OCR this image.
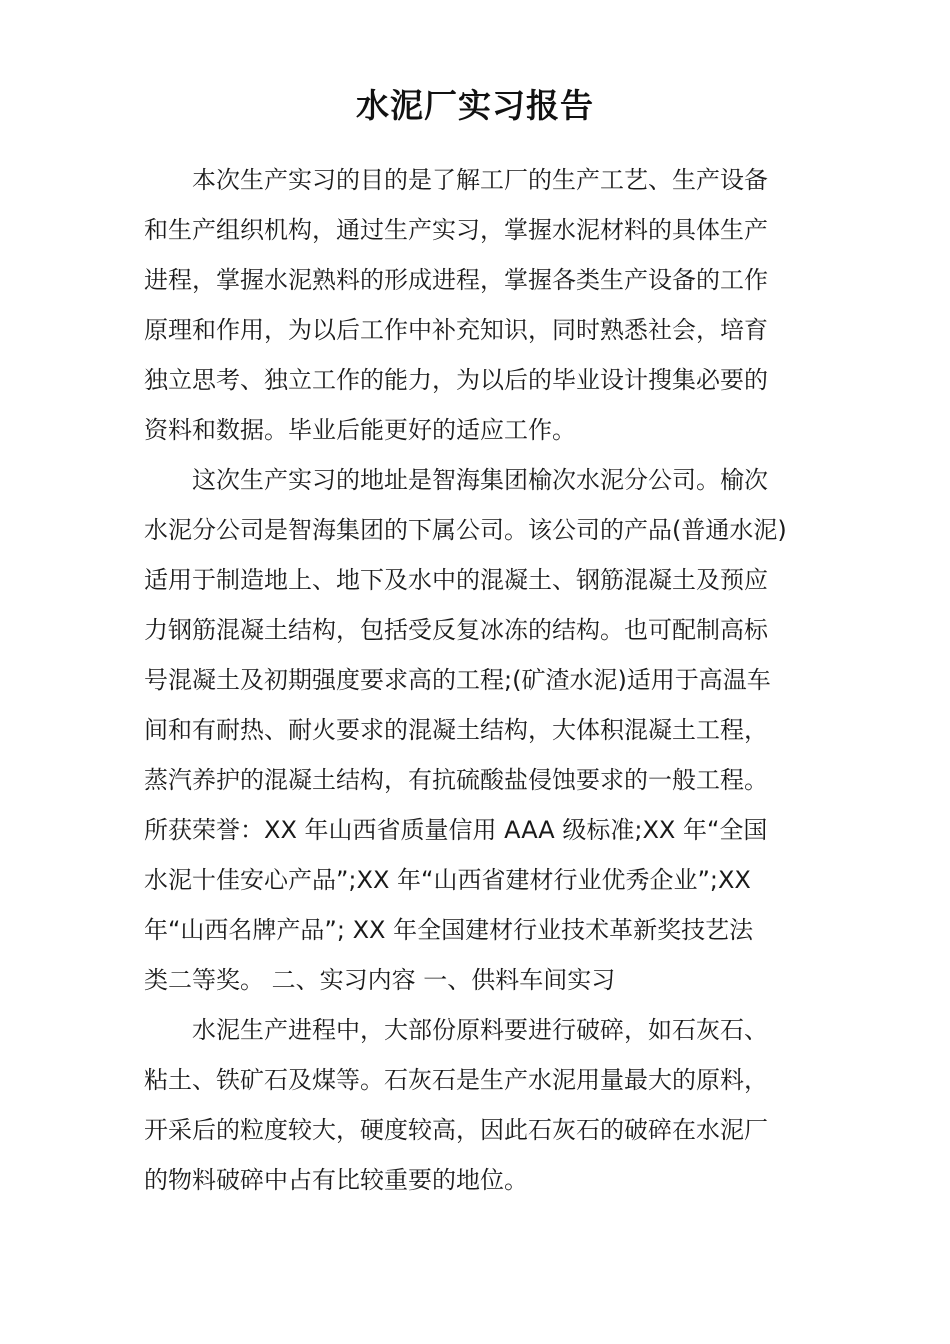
水泥厂实习报告
本次生产实习的目的是了解工厂的生产工艺、生产设备
和生产组织机构，通过生产实习，掌握水泥材料的具体生产
进程，掌握水泥熟料的形成进程，掌握各类生产设备的工作
原理和作用，为以后工作中补充知识，同时熟悉社会，培育
独立思考、独立工作的能力，为以后的毕业设计搜集必要的
资料和数据。毕业后能更好的适应工作。
这次生产实习的地址是智海集团榆次水泥分公司。榆次
水泥分公司是智海集团的下属公司。该公司的产品(普通水泥)
适用于制造地上、地下及水中的混凝土、钢筋混凝土及预应
力钢筋混凝土结构，包括受反复冰冻的结构。也可配制高标
号混凝土及初期强度要求高的工程;(矿渣水泥)适用于高温车
间和有耐热、耐火要求的混凝土结构，大体积混凝土工程，
蒸汽养护的混凝土结构，有抗硫酸盐侵蚀要求的一般工程。
所获荣誉：XX 年山西省质量信用 AAA 级标准;XX 年“全国
水泥十佳安心产品”;XX 年“山西省建材行业优秀企业”;XX
年“山西名牌产品”; XX 年全国建材行业技术革新奖技艺法
类二等奖。 二、实习内容 一、供料车间实习
水泥生产进程中，大部份原料要进行破碎，如石灰石、
粘土、铁矿石及煤等。石灰石是生产水泥用量最大的原料，
开采后的粒度较大，硬度较高，因此石灰石的破碎在水泥厂
的物料破碎中占有比较重要的地位。
